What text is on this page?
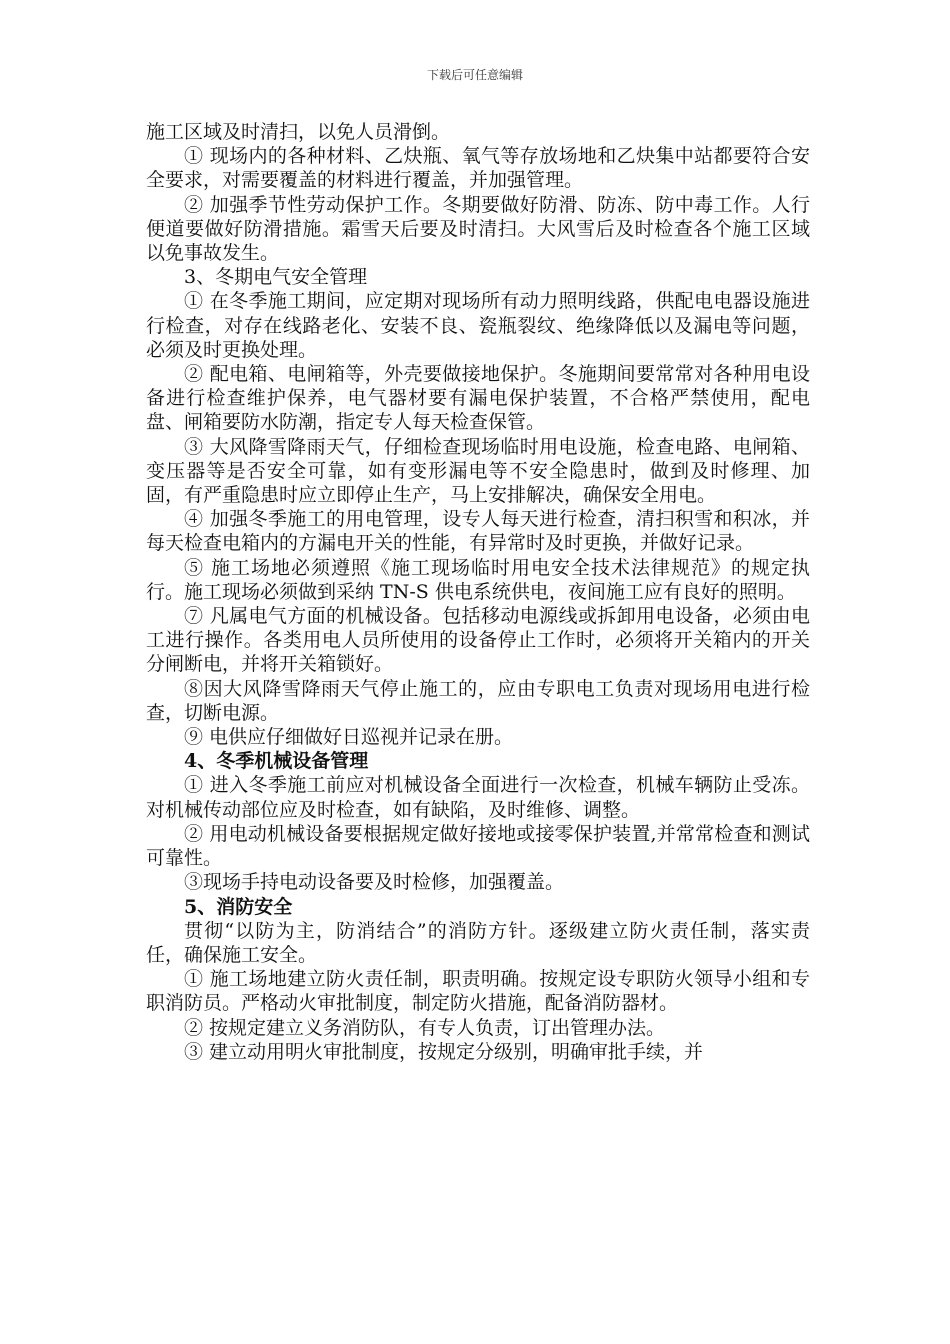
下载后可任意编辑

施工区域及时清扫，以免人员滑倒。

① 现场内的各种材料、乙炔瓶、氧气等存放场地和乙炔集中站都要符合安全要求，对需要覆盖的材料进行覆盖，并加强管理。

② 加强季节性劳动保护工作。冬期要做好防滑、防冻、防中毒工作。人行便道要做好防滑措施。霜雪天后要及时清扫。大风雪后及时检查各个施工区域以免事故发生。

3、冬期电气安全管理

① 在冬季施工期间，应定期对现场所有动力照明线路，供配电电器设施进行检查，对存在线路老化、安装不良、瓷瓶裂纹、绝缘降低以及漏电等问题，必须及时更换处理。

② 配电箱、电闸箱等，外壳要做接地保护。冬施期间要常常对各种用电设备进行检查维护保养，电气器材要有漏电保护装置，不合格严禁使用，配电盘、闸箱要防水防潮，指定专人每天检查保管。

③ 大风降雪降雨天气，仔细检查现场临时用电设施，检查电路、电闸箱、变压器等是否安全可靠，如有变形漏电等不安全隐患时，做到及时修理、加固，有严重隐患时应立即停止生产，马上安排解决，确保安全用电。

④ 加强冬季施工的用电管理，设专人每天进行检查，清扫积雪和积冰，并每天检查电箱内的方漏电开关的性能，有异常时及时更换，并做好记录。

⑤ 施工场地必须遵照《施工现场临时用电安全技术法律规范》的规定执行。施工现场必须做到采纳 TN-S 供电系统供电，夜间施工应有良好的照明。

⑦ 凡属电气方面的机械设备。包括移动电源线或拆卸用电设备，必须由电工进行操作。各类用电人员所使用的设备停止工作时，必须将开关箱内的开关分闸断电，并将开关箱锁好。

⑧因大风降雪降雨天气停止施工的，应由专职电工负责对现场用电进行检查，切断电源。

⑨ 电供应仔细做好日巡视并记录在册。

4、冬季机械设备管理

① 进入冬季施工前应对机械设备全面进行一次检查，机械车辆防止受冻。对机械传动部位应及时检查，如有缺陷，及时维修、调整。

② 用电动机械设备要根据规定做好接地或接零保护装置,并常常检查和测试可靠性。

③现场手持电动设备要及时检修，加强覆盖。

5、消防安全

贯彻“以防为主，防消结合”的消防方针。逐级建立防火责任制，落实责任，确保施工安全。

① 施工场地建立防火责任制，职责明确。按规定设专职防火领导小组和专职消防员。严格动火审批制度，制定防火措施，配备消防器材。

② 按规定建立义务消防队，有专人负责，订出管理办法。

③ 建立动用明火审批制度，按规定分级别，明确审批手续，并
